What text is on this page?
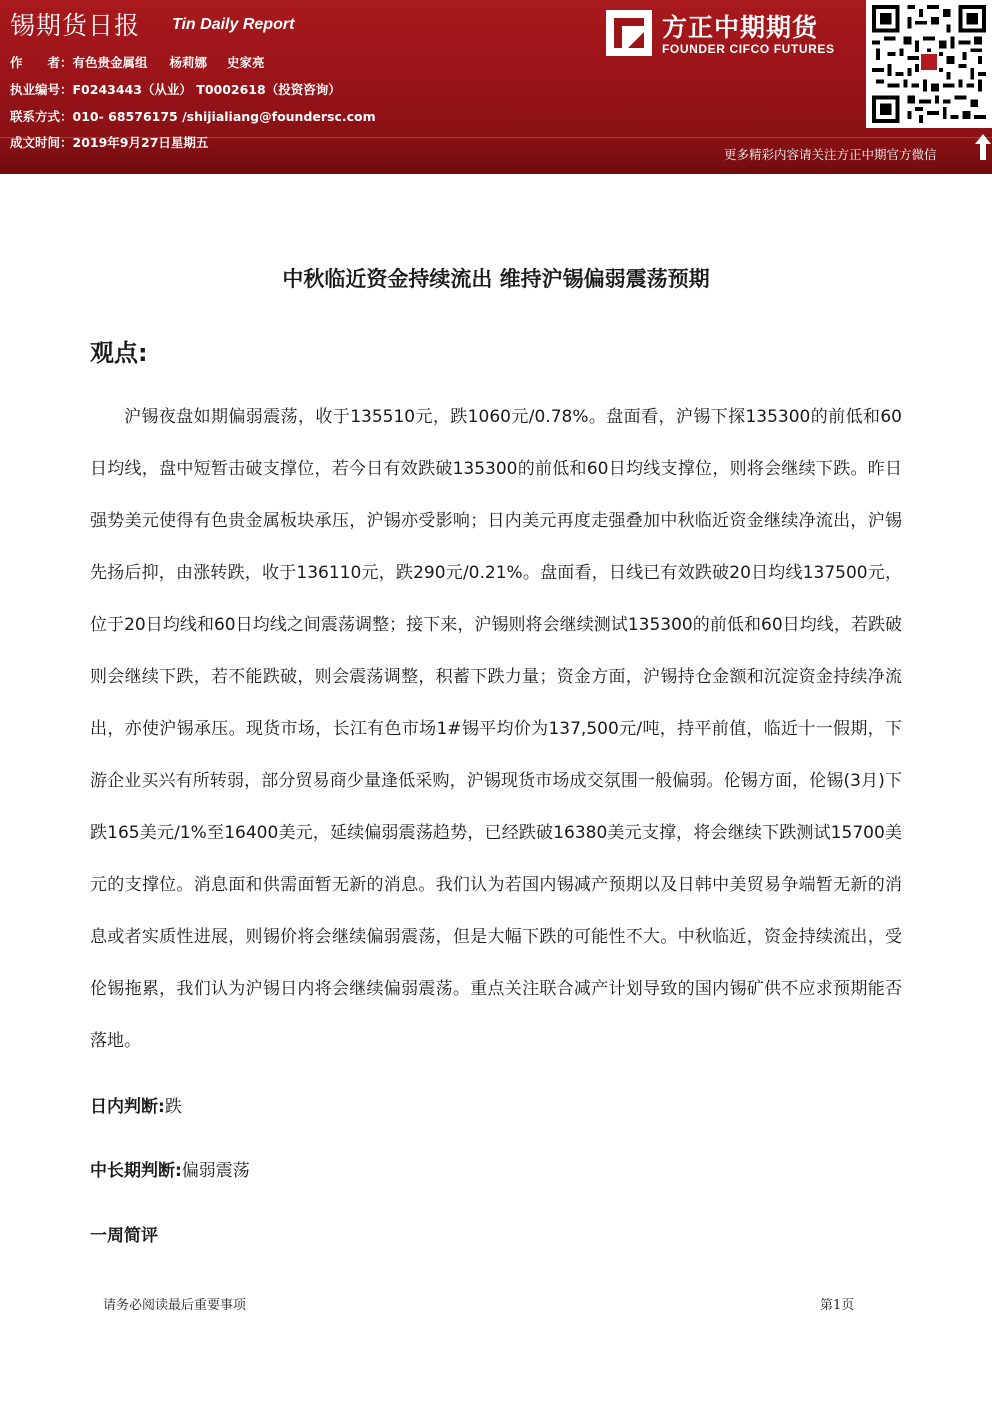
锡期货日报 Tin Daily Report
作　　者：有色贵金属组 杨莉娜 史家亮
执业编号：F0243443（从业） T0002618（投资咨询）
联系方式：010- 68576175 /shijialiang@foundersc.com
成文时间：2019年9月27日星期五
方正中期期货
FOUNDER CIFCO FUTURES
更多精彩内容请关注方正中期官方微信
中秋临近资金持续流出 维持沪锡偏弱震荡预期
观点:

沪锡夜盘如期偏弱震荡，收于135510元，跌1060元/0.78%。盘面看，沪锡下探135300的前低和60日均线，盘中短暂击破支撑位，若今日有效跌破135300的前低和60日均线支撑位，则将会继续下跌。昨日强势美元使得有色贵金属板块承压，沪锡亦受影响；日内美元再度走强叠加中秋临近资金继续净流出，沪锡先扬后抑，由涨转跌，收于136110元，跌290元/0.21%。盘面看，日线已有效跌破20日均线137500元，位于20日均线和60日均线之间震荡调整；接下来，沪锡则将会继续测试135300的前低和60日均线，若跌破则会继续下跌，若不能跌破，则会震荡调整，积蓄下跌力量；资金方面，沪锡持仓金额和沉淀资金持续净流出，亦使沪锡承压。现货市场，长江有色市场1#锡平均价为137,500元/吨，持平前值，临近十一假期，下游企业买兴有所转弱，部分贸易商少量逢低采购，沪锡现货市场成交氛围一般偏弱。伦锡方面，伦锡(3月)下跌165美元/1%至16400美元，延续偏弱震荡趋势，已经跌破16380美元支撑，将会继续下跌测试15700美元的支撑位。消息面和供需面暂无新的消息。我们认为若国内锡减产预期以及日韩中美贸易争端暂无新的消息或者实质性进展，则锡价将会继续偏弱震荡，但是大幅下跌的可能性不大。中秋临近，资金持续流出，受伦锡拖累，我们认为沪锡日内将会继续偏弱震荡。重点关注联合减产计划导致的国内锡矿供不应求预期能否落地。

日内判断:跌
中长期判断:偏弱震荡
一周简评
请务必阅读最后重要事项	第1页
